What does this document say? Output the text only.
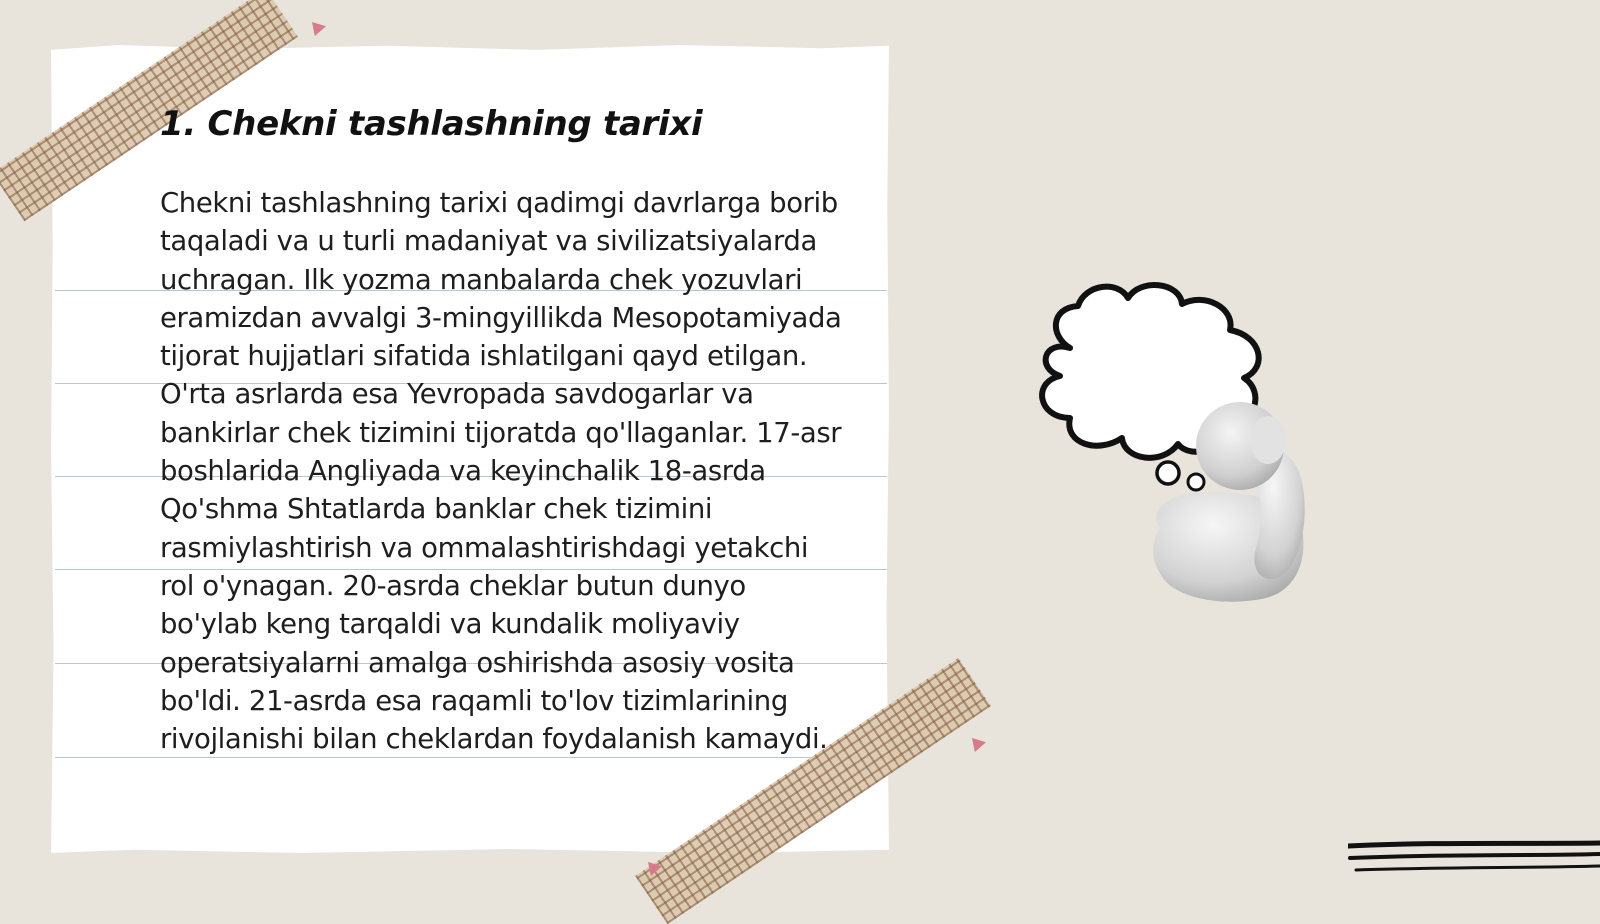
1. Chekni tashlashning tarixi

Chekni tashlashning tarixi qadimgi davrlarga borib taqaladi va u turli madaniyat va sivilizatsiyalarda uchragan. Ilk yozma manbalarda chek yozuvlari eramizdan avvalgi 3-mingyillikda Mesopotamiyada tijorat hujjatlari sifatida ishlatilgani qayd etilgan. O'rta asrlarda esa Yevropada savdogarlar va bankirlar chek tizimini tijoratda qo'llaganlar. 17-asr boshlarida Angliyada va keyinchalik 18-asrda Qo'shma Shtatlarda banklar chek tizimini rasmiylashtirish va ommalashtirishdagi yetakchi rol o'ynagan. 20-asrda cheklar butun dunyo bo'ylab keng tarqaldi va kundalik moliyaviy operatsiyalarni amalga oshirishda asosiy vosita bo'ldi. 21-asrda esa raqamli to'lov tizimlarining rivojlanishi bilan cheklardan foydalanish kamaydi.
